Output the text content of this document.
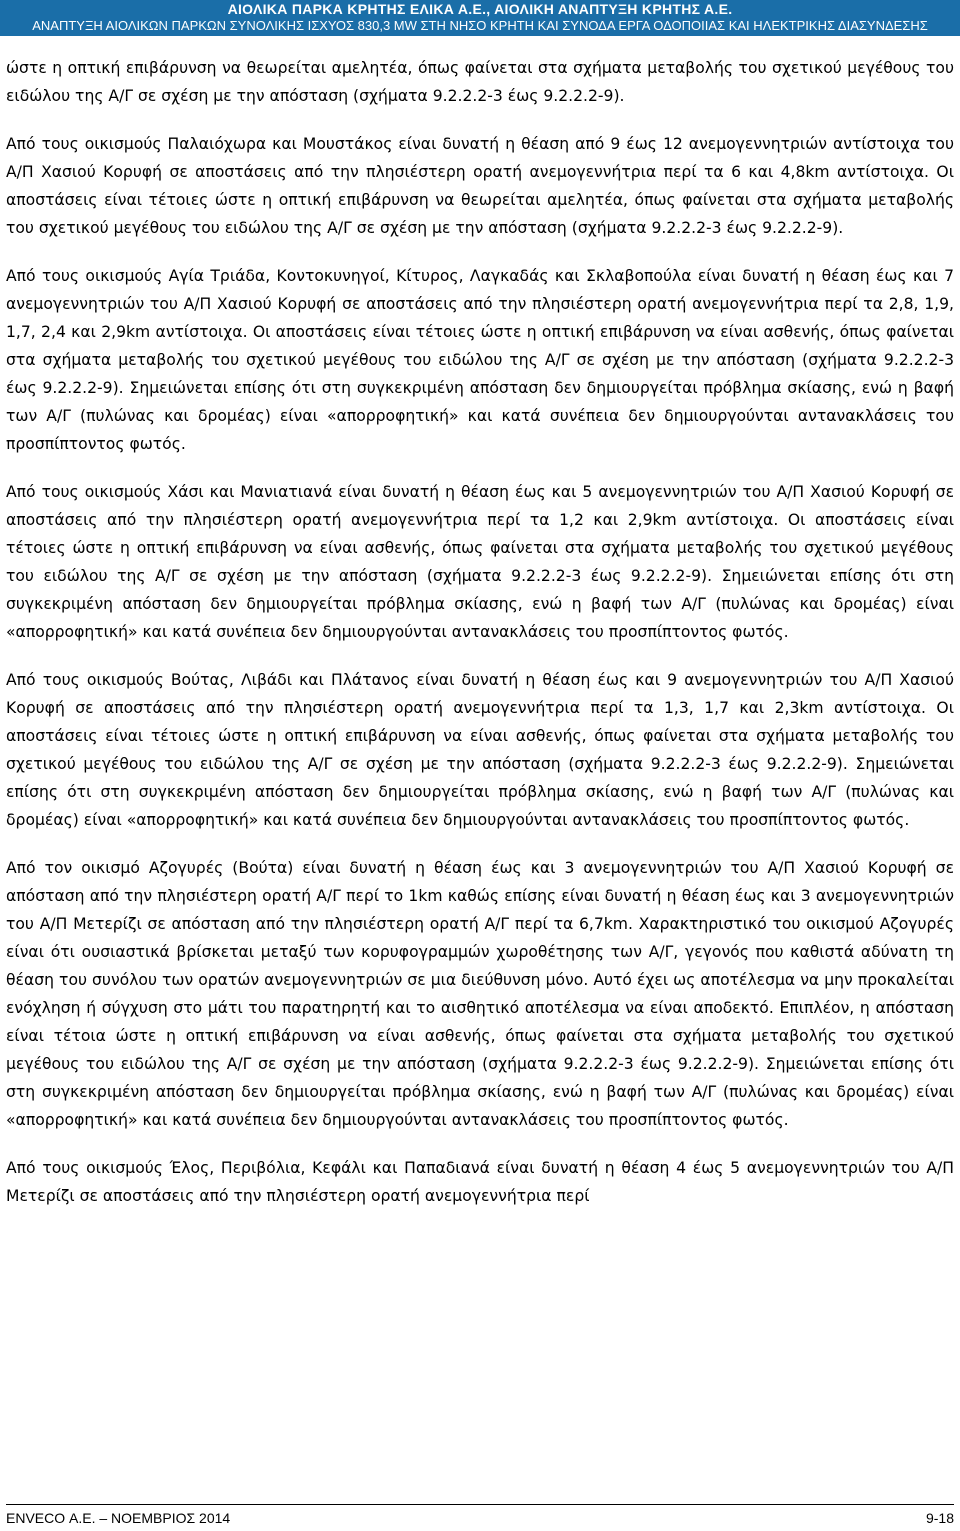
ΑΙΟΛΙΚΑ ΠΑΡΚΑ ΚΡΗΤΗΣ ΕΛΙΚΑ Α.Ε., ΑΙΟΛΙΚΗ ΑΝΑΠΤΥΞΗ ΚΡΗΤΗΣ Α.Ε.
ΑΝΑΠΤΥΞΗ ΑΙΟΛΙΚΩΝ ΠΑΡΚΩΝ ΣΥΝΟΛΙΚΗΣ ΙΣΧΥΟΣ 830,3 MW ΣΤΗ ΝΗΣΟ ΚΡΗΤΗ ΚΑΙ ΣΥΝΟΔΑ ΕΡΓΑ ΟΔΟΠΟΙΙΑΣ ΚΑΙ ΗΛΕΚΤΡΙΚΗΣ ΔΙΑΣΥΝΔΕΣΗΣ

ώστε η οπτική επιβάρυνση να θεωρείται αμελητέα, όπως φαίνεται στα σχήματα μεταβολής του σχετικού μεγέθους του ειδώλου της Α/Γ σε σχέση με την απόσταση (σχήματα 9.2.2.2-3 έως 9.2.2.2-9).

Από τους οικισμούς Παλαιόχωρα και Μουστάκος είναι δυνατή η θέαση από 9 έως 12 ανεμογεννητριών αντίστοιχα του Α/Π Χασιού Κορυφή σε αποστάσεις από την πλησιέστερη ορατή ανεμογεννήτρια περί τα 6 και 4,8km αντίστοιχα. Οι αποστάσεις είναι τέτοιες ώστε η οπτική επιβάρυνση να θεωρείται αμελητέα, όπως φαίνεται στα σχήματα μεταβολής του σχετικού μεγέθους του ειδώλου της Α/Γ σε σχέση με την απόσταση (σχήματα 9.2.2.2-3 έως 9.2.2.2-9).

Από τους οικισμούς Αγία Τριάδα, Κοντοκυνηγοί, Κίτυρος, Λαγκαδάς και Σκλαβοπούλα είναι δυνατή η θέαση έως και 7 ανεμογεννητριών του Α/Π Χασιού Κορυφή σε αποστάσεις από την πλησιέστερη ορατή ανεμογεννήτρια περί τα 2,8, 1,9, 1,7, 2,4 και 2,9km αντίστοιχα. Οι αποστάσεις είναι τέτοιες ώστε η οπτική επιβάρυνση να είναι ασθενής, όπως φαίνεται στα σχήματα μεταβολής του σχετικού μεγέθους του ειδώλου της Α/Γ σε σχέση με την απόσταση (σχήματα 9.2.2.2-3 έως 9.2.2.2-9). Σημειώνεται επίσης ότι στη συγκεκριμένη απόσταση δεν δημιουργείται πρόβλημα σκίασης, ενώ η βαφή των Α/Γ (πυλώνας και δρομέας) είναι «απορροφητική» και κατά συνέπεια δεν δημιουργούνται αντανακλάσεις του προσπίπτοντος φωτός.

Από τους οικισμούς Χάσι και Μανιατιανά είναι δυνατή η θέαση έως και 5 ανεμογεννητριών του Α/Π Χασιού Κορυφή σε αποστάσεις από την πλησιέστερη ορατή ανεμογεννήτρια περί τα 1,2 και 2,9km αντίστοιχα. Οι αποστάσεις είναι τέτοιες ώστε η οπτική επιβάρυνση να είναι ασθενής, όπως φαίνεται στα σχήματα μεταβολής του σχετικού μεγέθους του ειδώλου της Α/Γ σε σχέση με την απόσταση (σχήματα 9.2.2.2-3 έως 9.2.2.2-9). Σημειώνεται επίσης ότι στη συγκεκριμένη απόσταση δεν δημιουργείται πρόβλημα σκίασης, ενώ η βαφή των Α/Γ (πυλώνας και δρομέας) είναι «απορροφητική» και κατά συνέπεια δεν δημιουργούνται αντανακλάσεις του προσπίπτοντος φωτός.

Από τους οικισμούς Βούτας, Λιβάδι και Πλάτανος είναι δυνατή η θέαση έως και 9 ανεμογεννητριών του Α/Π Χασιού Κορυφή σε αποστάσεις από την πλησιέστερη ορατή ανεμογεννήτρια περί τα 1,3, 1,7 και 2,3km αντίστοιχα. Οι αποστάσεις είναι τέτοιες ώστε η οπτική επιβάρυνση να είναι ασθενής, όπως φαίνεται στα σχήματα μεταβολής του σχετικού μεγέθους του ειδώλου της Α/Γ σε σχέση με την απόσταση (σχήματα 9.2.2.2-3 έως 9.2.2.2-9). Σημειώνεται επίσης ότι στη συγκεκριμένη απόσταση δεν δημιουργείται πρόβλημα σκίασης, ενώ η βαφή των Α/Γ (πυλώνας και δρομέας) είναι «απορροφητική» και κατά συνέπεια δεν δημιουργούνται αντανακλάσεις του προσπίπτοντος φωτός.

Από τον οικισμό Αζογυρές (Βούτα) είναι δυνατή η θέαση έως και 3 ανεμογεννητριών του Α/Π Χασιού Κορυφή σε απόσταση από την πλησιέστερη ορατή Α/Γ περί το 1km καθώς επίσης είναι δυνατή η θέαση έως και 3 ανεμογεννητριών του Α/Π Μετερίζι σε απόσταση από την πλησιέστερη ορατή Α/Γ περί τα 6,7km. Χαρακτηριστικό του οικισμού Αζογυρές είναι ότι ουσιαστικά βρίσκεται μεταξύ των κορυφογραμμών χωροθέτησης των Α/Γ, γεγονός που καθιστά αδύνατη τη θέαση του συνόλου των ορατών ανεμογεννητριών σε μια διεύθυνση μόνο. Αυτό έχει ως αποτέλεσμα να μην προκαλείται ενόχληση ή σύγχυση στο μάτι του παρατηρητή και το αισθητικό αποτέλεσμα να είναι αποδεκτό. Επιπλέον, η απόσταση είναι τέτοια ώστε η οπτική επιβάρυνση να είναι ασθενής, όπως φαίνεται στα σχήματα μεταβολής του σχετικού μεγέθους του ειδώλου της Α/Γ σε σχέση με την απόσταση (σχήματα 9.2.2.2-3 έως 9.2.2.2-9). Σημειώνεται επίσης ότι στη συγκεκριμένη απόσταση δεν δημιουργείται πρόβλημα σκίασης, ενώ η βαφή των Α/Γ (πυλώνας και δρομέας) είναι «απορροφητική» και κατά συνέπεια δεν δημιουργούνται αντανακλάσεις του προσπίπτοντος φωτός.

Από τους οικισμούς Έλος, Περιβόλια, Κεφάλι και Παπαδιανά είναι δυνατή η θέαση 4 έως 5 ανεμογεννητριών του Α/Π Μετερίζι σε αποστάσεις από την πλησιέστερη ορατή ανεμογεννήτρια περί

ENVECO Α.Ε. – ΝΟΕΜΒΡΙΟΣ 2014	9-18
